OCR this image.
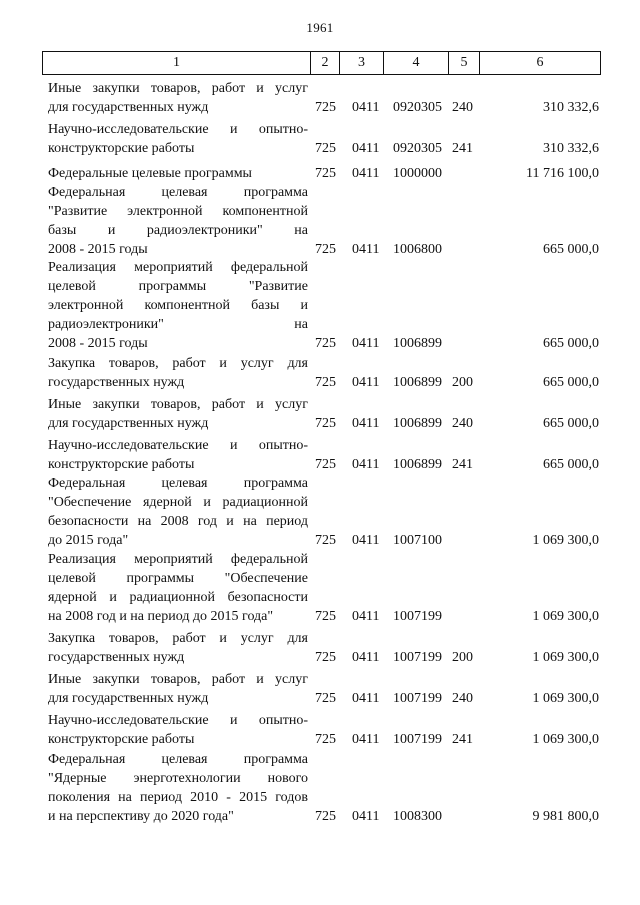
1961
1	2	3	4	5	6
Иные закупки товаров, работ и услуг
для государственных нужд	725 0411 0920305 240	310 332,6
Научно-исследовательские и опытно-
конструкторские работы	725 0411 0920305 241	310 332,6
Федеральные целевые программы	725 0411 1000000	11 716 100,0
Федеральная целевая программа
"Развитие электронной компонентной
базы и радиоэлектроники" на
2008 - 2015 годы	725 0411 1006800	665 000,0
Реализация мероприятий федеральной
целевой программы "Развитие
электронной компонентной базы и
радиоэлектроники" на
2008 - 2015 годы	725 0411 1006899	665 000,0
Закупка товаров, работ и услуг для
государственных нужд	725 0411 1006899 200	665 000,0
Иные закупки товаров, работ и услуг
для государственных нужд	725 0411 1006899 240	665 000,0
Научно-исследовательские и опытно-
конструкторские работы	725 0411 1006899 241	665 000,0
Федеральная целевая программа
"Обеспечение ядерной и радиационной
безопасности на 2008 год и на период
до 2015 года"	725 0411 1007100	1 069 300,0
Реализация мероприятий федеральной
целевой программы "Обеспечение
ядерной и радиационной безопасности
на 2008 год и на период до 2015 года"	725 0411 1007199	1 069 300,0
Закупка товаров, работ и услуг для
государственных нужд	725 0411 1007199 200	1 069 300,0
Иные закупки товаров, работ и услуг
для государственных нужд	725 0411 1007199 240	1 069 300,0
Научно-исследовательские и опытно-
конструкторские работы	725 0411 1007199 241	1 069 300,0
Федеральная целевая программа
"Ядерные энерготехнологии нового
поколения на период 2010 - 2015 годов
и на перспективу до 2020 года"	725 0411 1008300	9 981 800,0
